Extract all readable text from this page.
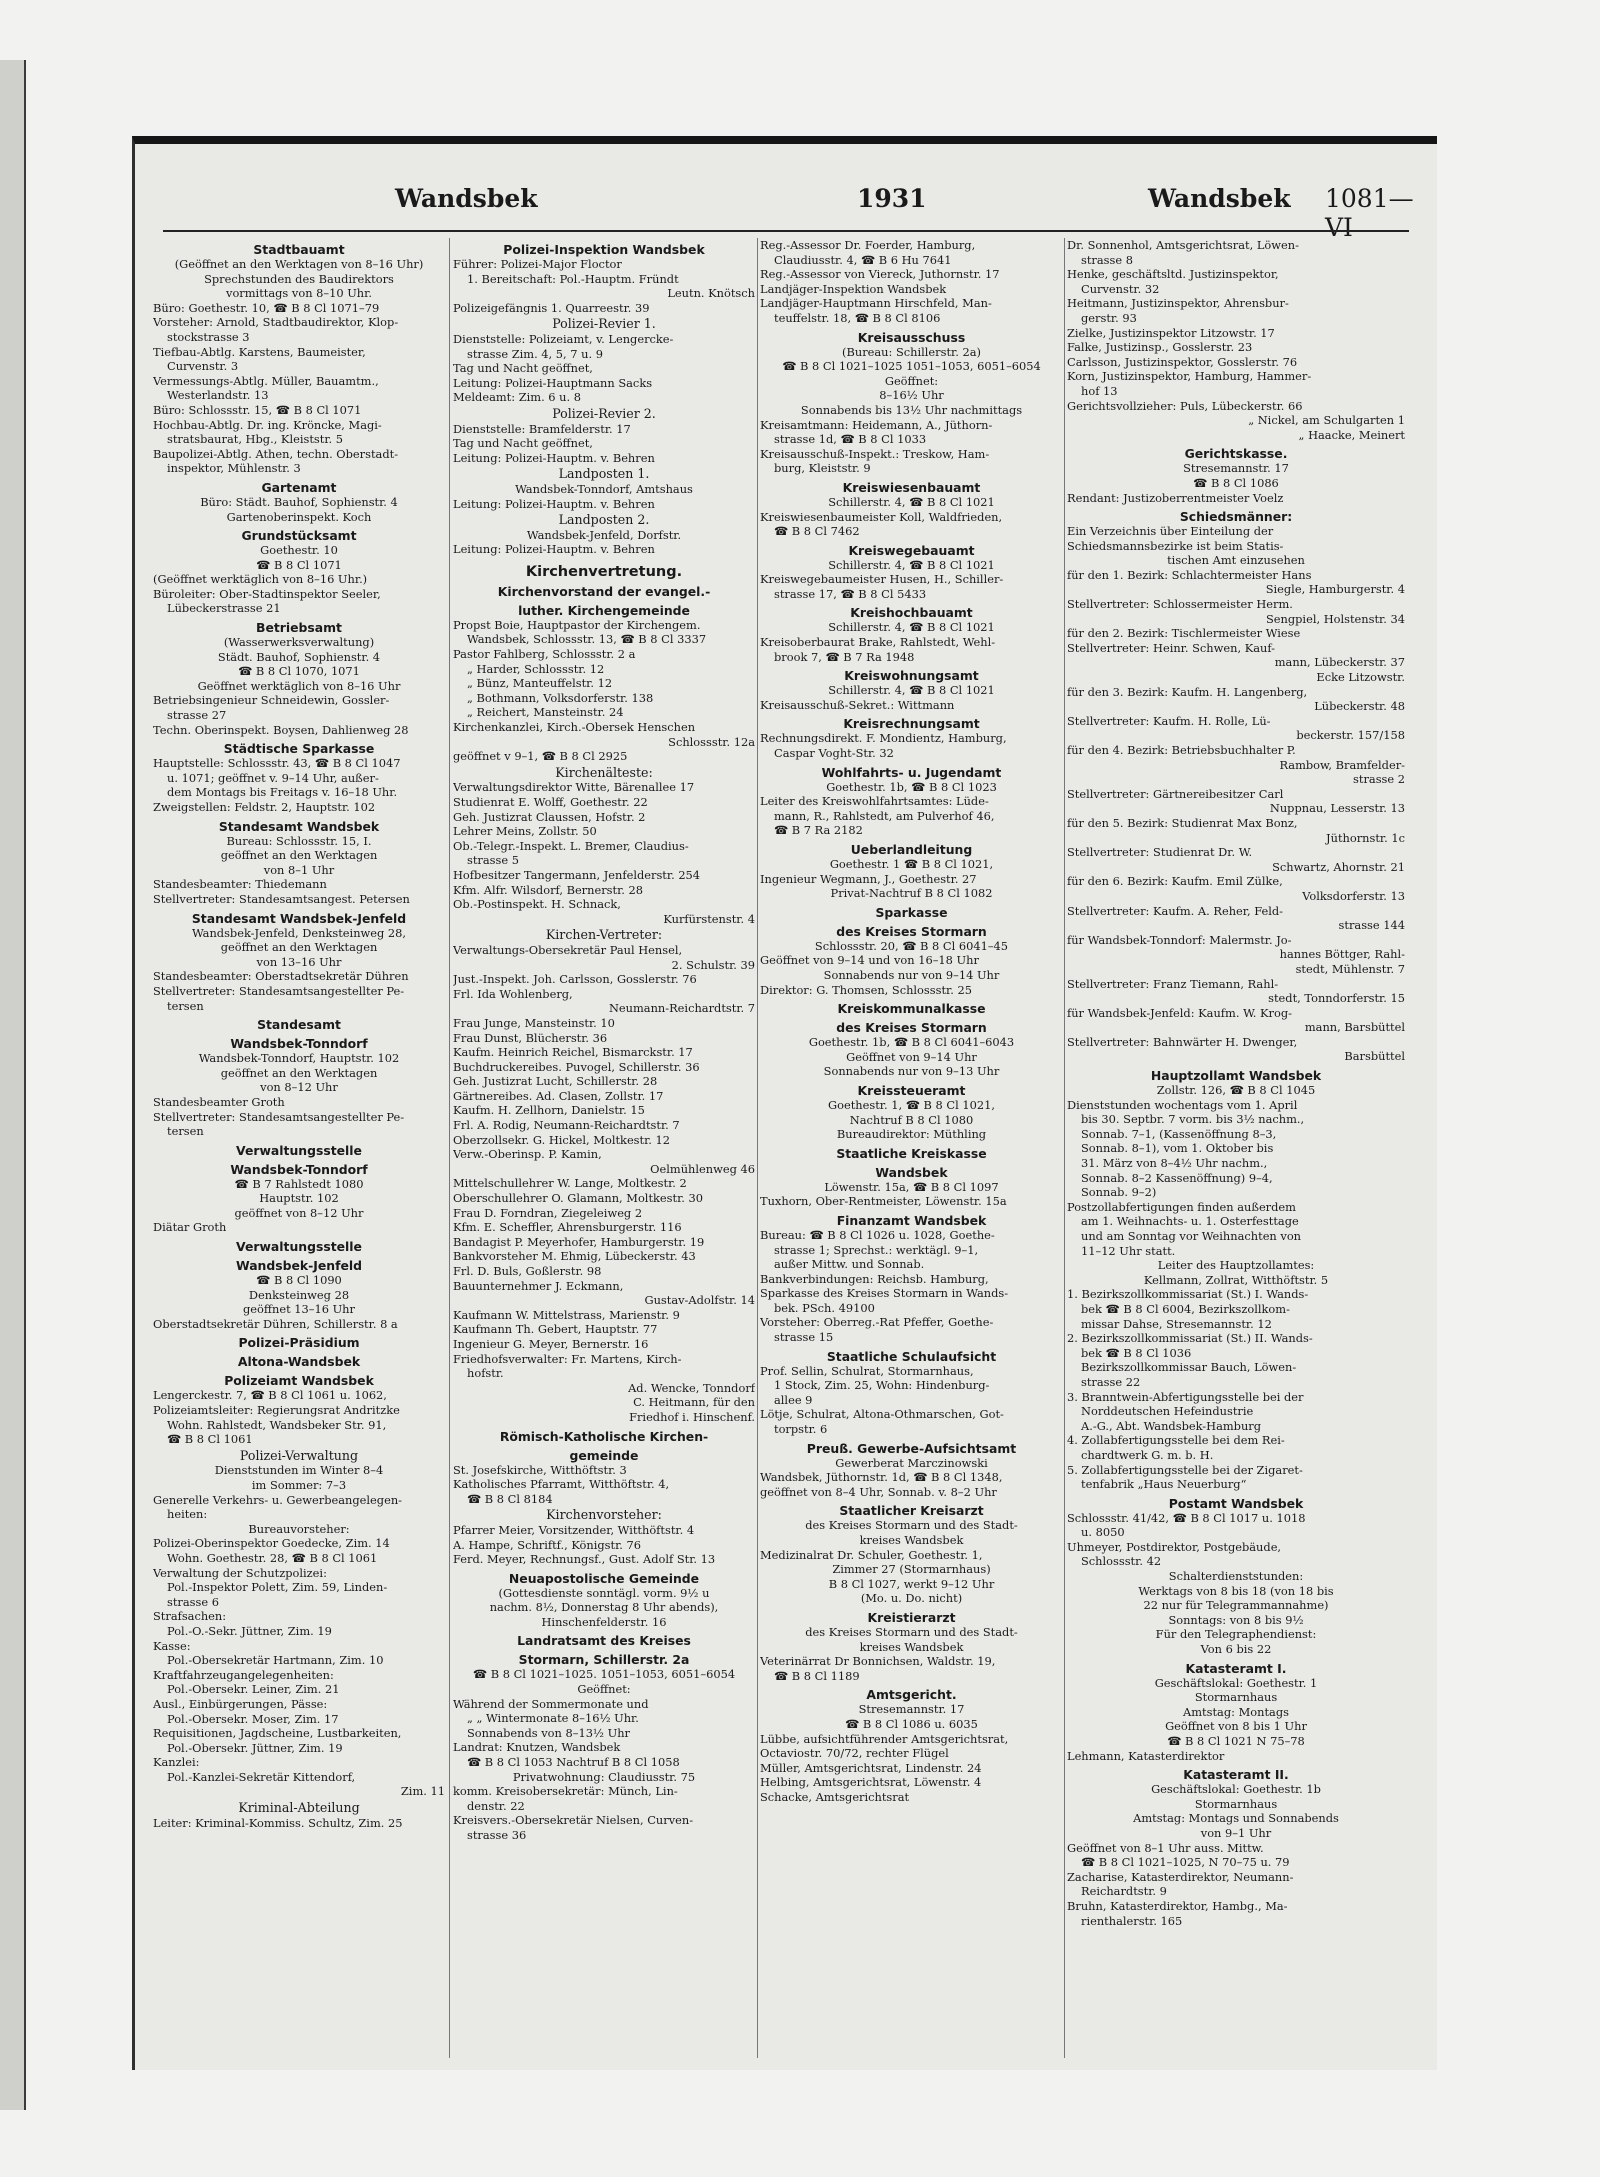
Wandsbek	1931	Wandsbek 1081—VI
Stadtbauamt
(Geöffnet an den Werktagen von 8–16 Uhr)
Sprechstunden des Baudirektors
vormittags von 8–10 Uhr.
Büro: Goethestr. 10, ☎ B 8 Cl 1071–79
Vorsteher: Arnold, Stadtbaudirektor, Klop-
stockstrasse 3
Tiefbau-Abtlg. Karstens, Baumeister,
Curvenstr. 3
Vermessungs-Abtlg. Müller, Bauamtm.,
Westerlandstr. 13
Büro: Schlossstr. 15, ☎ B 8 Cl 1071
Hochbau-Abtlg. Dr. ing. Kröncke, Magi-
stratsbaurat, Hbg., Kleiststr. 5
Baupolizei-Abtlg. Athen, techn. Oberstadt-
inspektor, Mühlenstr. 3
Gartenamt
Büro: Städt. Bauhof, Sophienstr. 4
Gartenoberinspekt. Koch
Grundstücksamt
Goethestr. 10
☎ B 8 Cl 1071
(Geöffnet werktäglich von 8–16 Uhr.)
Büroleiter: Ober-Stadtinspektor Seeler,
Lübeckerstrasse 21
Betriebsamt
(Wasserwerksverwaltung)
Städt. Bauhof, Sophienstr. 4
☎ B 8 Cl 1070, 1071
Geöffnet werktäglich von 8–16 Uhr
Betriebsingenieur Schneidewin, Gossler-
strasse 27
Techn. Oberinspekt. Boysen, Dahlienweg 28
Städtische Sparkasse
Hauptstelle: Schlossstr. 43, ☎ B 8 Cl 1047
u. 1071; geöffnet v. 9–14 Uhr, außer-
dem Montags bis Freitags v. 16–18 Uhr.
Zweigstellen: Feldstr. 2, Hauptstr. 102
Standesamt Wandsbek
Bureau: Schlossstr. 15, I.
geöffnet an den Werktagen
von 8–1 Uhr
Standesbeamter: Thiedemann
Stellvertreter: Standesamtsangest. Petersen
Standesamt Wandsbek-Jenfeld
Wandsbek-Jenfeld, Denksteinweg 28,
geöffnet an den Werktagen
von 13–16 Uhr
Standesbeamter: Oberstadtsekretär Dühren
Stellvertreter: Standesamtsangestellter Pe-
tersen
Standesamt
Wandsbek-Tonndorf
Wandsbek-Tonndorf, Hauptstr. 102
geöffnet an den Werktagen
von 8–12 Uhr
Standesbeamter Groth
Stellvertreter: Standesamtsangestellter Pe-
tersen
Verwaltungsstelle
Wandsbek-Tonndorf
☎ B 7 Rahlstedt 1080
Hauptstr. 102
geöffnet von 8–12 Uhr
Diätar Groth
Verwaltungsstelle
Wandsbek-Jenfeld
☎ B 8 Cl 1090
Denksteinweg 28
geöffnet 13–16 Uhr
Oberstadtsekretär Dühren, Schillerstr. 8 a
Polizei-Präsidium
Altona-Wandsbek
Polizeiamt Wandsbek
Lengerckestr. 7, ☎ B 8 Cl 1061 u. 1062,
Polizeiamtsleiter: Regierungsrat Andritzke
Wohn. Rahlstedt, Wandsbeker Str. 91,
☎ B 8 Cl 1061
Polizei-Verwaltung
Dienststunden im Winter 8–4
im Sommer: 7–3
Generelle Verkehrs- u. Gewerbeangelegen-
heiten:
Bureauvorsteher:
Polizei-Oberinspektor Goedecke, Zim. 14
Wohn. Goethestr. 28, ☎ B 8 Cl 1061
Verwaltung der Schutzpolizei:
Pol.-Inspektor Polett, Zim. 59, Linden-
strasse 6
Strafsachen:
Pol.-O.-Sekr. Jüttner, Zim. 19
Kasse:
Pol.-Obersekretär Hartmann, Zim. 10
Kraftfahrzeugangelegenheiten:
Pol.-Obersekr. Leiner, Zim. 21
Ausl., Einbürgerungen, Pässe:
Pol.-Obersekr. Moser, Zim. 17
Requisitionen, Jagdscheine, Lustbarkeiten,
Pol.-Obersekr. Jüttner, Zim. 19
Kanzlei:
Pol.-Kanzlei-Sekretär Kittendorf,
Zim. 11
Kriminal-Abteilung
Leiter: Kriminal-Kommiss. Schultz, Zim. 25
Polizei-Inspektion Wandsbek
Führer: Polizei-Major Floctor
1. Bereitschaft: Pol.-Hauptm. Fründt
Leutn. Knötsch
Polizeigefängnis 1. Quarreestr. 39
Polizei-Revier 1.
Dienststelle: Polizeiamt, v. Lengercke-
strasse Zim. 4, 5, 7 u. 9
Tag und Nacht geöffnet,
Leitung: Polizei-Hauptmann Sacks
Meldeamt: Zim. 6 u. 8
Polizei-Revier 2.
Dienststelle: Bramfelderstr. 17
Tag und Nacht geöffnet,
Leitung: Polizei-Hauptm. v. Behren
Landposten 1.
Wandsbek-Tonndorf, Amtshaus
Leitung: Polizei-Hauptm. v. Behren
Landposten 2.
Wandsbek-Jenfeld, Dorfstr.
Leitung: Polizei-Hauptm. v. Behren
Kirchenvertretung.
Kirchenvorstand der evangel.-
luther. Kirchengemeinde
Propst Boie, Hauptpastor der Kirchengem.
Wandsbek, Schlossstr. 13, ☎ B 8 Cl 3337
Pastor Fahlberg, Schlossstr. 2 a
„ Harder, Schlossstr. 12
„ Bünz, Manteuffelstr. 12
„ Bothmann, Volksdorferstr. 138
„ Reichert, Mansteinstr. 24
Kirchenkanzlei, Kirch.-Obersek Henschen
Schlossstr. 12a
geöffnet v 9–1, ☎ B 8 Cl 2925
Kirchenälteste:
Verwaltungsdirektor Witte, Bärenallee 17
Studienrat E. Wolff, Goethestr. 22
Geh. Justizrat Claussen, Hofstr. 2
Lehrer Meins, Zollstr. 50
Ob.-Telegr.-Inspekt. L. Bremer, Claudius-
strasse 5
Hofbesitzer Tangermann, Jenfelderstr. 254
Kfm. Alfr. Wilsdorf, Bernerstr. 28
Ob.-Postinspekt. H. Schnack,
Kurfürstenstr. 4
Kirchen-Vertreter:
Verwaltungs-Obersekretär Paul Hensel,
2. Schulstr. 39
Just.-Inspekt. Joh. Carlsson, Gosslerstr. 76
Frl. Ida Wohlenberg,
Neumann-Reichardtstr. 7
Frau Junge, Mansteinstr. 10
Frau Dunst, Blücherstr. 36
Kaufm. Heinrich Reichel, Bismarckstr. 17
Buchdruckereibes. Puvogel, Schillerstr. 36
Geh. Justizrat Lucht, Schillerstr. 28
Gärtnereibes. Ad. Clasen, Zollstr. 17
Kaufm. H. Zellhorn, Danielstr. 15
Frl. A. Rodig, Neumann-Reichardtstr. 7
Oberzollsekr. G. Hickel, Moltkestr. 12
Verw.-Oberinsp. P. Kamin,
Oelmühlenweg 46
Mittelschullehrer W. Lange, Moltkestr. 2
Oberschullehrer O. Glamann, Moltkestr. 30
Frau D. Forndran, Ziegeleiweg 2
Kfm. E. Scheffler, Ahrensburgerstr. 116
Bandagist P. Meyerhofer, Hamburgerstr. 19
Bankvorsteher M. Ehmig, Lübeckerstr. 43
Frl. D. Buls, Goßlerstr. 98
Bauunternehmer J. Eckmann,
Gustav-Adolfstr. 14
Kaufmann W. Mittelstrass, Marienstr. 9
Kaufmann Th. Gebert, Hauptstr. 77
Ingenieur G. Meyer, Bernerstr. 16
Friedhofsverwalter: Fr. Martens, Kirch-
hofstr.
Ad. Wencke, Tonndorf
C. Heitmann, für den
Friedhof i. Hinschenf.
Römisch-Katholische Kirchen-
gemeinde
St. Josefskirche, Witthöftstr. 3
Katholisches Pfarramt, Witthöftstr. 4,
☎ B 8 Cl 8184
Kirchenvorsteher:
Pfarrer Meier, Vorsitzender, Witthöftstr. 4
A. Hampe, Schriftf., Königstr. 76
Ferd. Meyer, Rechnungsf., Gust. Adolf Str. 13
Neuapostolische Gemeinde
(Gottesdienste sonntägl. vorm. 9½ u
nachm. 8½, Donnerstag 8 Uhr abends),
Hinschenfelderstr. 16
Landratsamt des Kreises
Stormarn, Schillerstr. 2a
☎ B 8 Cl 1021–1025. 1051–1053, 6051–6054
Geöffnet:
Während der Sommermonate und
„ „ Wintermonate 8–16½ Uhr.
Sonnabends von 8–13½ Uhr
Landrat: Knutzen, Wandsbek
☎ B 8 Cl 1053 Nachtruf B 8 Cl 1058
Privatwohnung: Claudiusstr. 75
komm. Kreisobersekretär: Münch, Lin-
denstr. 22
Kreisvers.-Obersekretär Nielsen, Curven-
strasse 36
Reg.-Assessor Dr. Foerder, Hamburg,
Claudiusstr. 4, ☎ B 6 Hu 7641
Reg.-Assessor von Viereck, Juthornstr. 17
Landjäger-Inspektion Wandsbek
Landjäger-Hauptmann Hirschfeld, Man-
teuffelstr. 18, ☎ B 8 Cl 8106
Kreisausschuss
(Bureau: Schillerstr. 2a)
☎ B 8 Cl 1021–1025 1051–1053, 6051–6054
Geöffnet:
8–16½ Uhr
Sonnabends bis 13½ Uhr nachmittags
Kreisamtmann: Heidemann, A., Jüthorn-
strasse 1d, ☎ B 8 Cl 1033
Kreisausschuß-Inspekt.: Treskow, Ham-
burg, Kleiststr. 9
Kreiswiesenbauamt
Schillerstr. 4, ☎ B 8 Cl 1021
Kreiswiesenbaumeister Koll, Waldfrieden,
☎ B 8 Cl 7462
Kreiswegebauamt
Schillerstr. 4, ☎ B 8 Cl 1021
Kreiswegebaumeister Husen, H., Schiller-
strasse 17, ☎ B 8 Cl 5433
Kreishochbauamt
Schillerstr. 4, ☎ B 8 Cl 1021
Kreisoberbaurat Brake, Rahlstedt, Wehl-
brook 7, ☎ B 7 Ra 1948
Kreiswohnungsamt
Schillerstr. 4, ☎ B 8 Cl 1021
Kreisausschuß-Sekret.: Wittmann
Kreisrechnungsamt
Rechnungsdirekt. F. Mondientz, Hamburg,
Caspar Voght-Str. 32
Wohlfahrts- u. Jugendamt
Goethestr. 1b, ☎ B 8 Cl 1023
Leiter des Kreiswohlfahrtsamtes: Lüde-
mann, R., Rahlstedt, am Pulverhof 46,
☎ B 7 Ra 2182
Ueberlandleitung
Goethestr. 1 ☎ B 8 Cl 1021,
Ingenieur Wegmann, J., Goethestr. 27
Privat-Nachtruf B 8 Cl 1082
Sparkasse
des Kreises Stormarn
Schlossstr. 20, ☎ B 8 Cl 6041–45
Geöffnet von 9–14 und von 16–18 Uhr
Sonnabends nur von 9–14 Uhr
Direktor: G. Thomsen, Schlossstr. 25
Kreiskommunalkasse
des Kreises Stormarn
Goethestr. 1b, ☎ B 8 Cl 6041–6043
Geöffnet von 9–14 Uhr
Sonnabends nur von 9–13 Uhr
Kreissteueramt
Goethestr. 1, ☎ B 8 Cl 1021,
Nachtruf B 8 Cl 1080
Bureaudirektor: Müthling
Staatliche Kreiskasse
Wandsbek
Löwenstr. 15a, ☎ B 8 Cl 1097
Tuxhorn, Ober-Rentmeister, Löwenstr. 15a
Finanzamt Wandsbek
Bureau: ☎ B 8 Cl 1026 u. 1028, Goethe-
strasse 1; Sprechst.: werktägl. 9–1,
außer Mittw. und Sonnab.
Bankverbindungen: Reichsb. Hamburg,
Sparkasse des Kreises Stormarn in Wands-
bek. PSch. 49100
Vorsteher: Oberreg.-Rat Pfeffer, Goethe-
strasse 15
Staatliche Schulaufsicht
Prof. Sellin, Schulrat, Stormarnhaus,
1 Stock, Zim. 25, Wohn: Hindenburg-
allee 9
Lötje, Schulrat, Altona-Othmarschen, Got-
torpstr. 6
Preuß. Gewerbe-Aufsichtsamt
Gewerberat Marczinowski
Wandsbek, Jüthornstr. 1d, ☎ B 8 Cl 1348,
geöffnet von 8–4 Uhr, Sonnab. v. 8–2 Uhr
Staatlicher Kreisarzt
des Kreises Stormarn und des Stadt-
kreises Wandsbek
Medizinalrat Dr. Schuler, Goethestr. 1,
Zimmer 27 (Stormarnhaus)
B 8 Cl 1027, werkt 9–12 Uhr
(Mo. u. Do. nicht)
Kreistierarzt
des Kreises Stormarn und des Stadt-
kreises Wandsbek
Veterinärrat Dr Bonnichsen, Waldstr. 19,
☎ B 8 Cl 1189
Amtsgericht.
Stresemannstr. 17
☎ B 8 Cl 1086 u. 6035
Lübbe, aufsichtführender Amtsgerichtsrat,
Octaviostr. 70/72, rechter Flügel
Müller, Amtsgerichtsrat, Lindenstr. 24
Helbing, Amtsgerichtsrat, Löwenstr. 4
Schacke, Amtsgerichtsrat
Dr. Sonnenhol, Amtsgerichtsrat, Löwen-
strasse 8
Henke, geschäftsltd. Justizinspektor,
Curvenstr. 32
Heitmann, Justizinspektor, Ahrensbur-
gerstr. 93
Zielke, Justizinspektor Litzowstr. 17
Falke, Justizinsp., Gosslerstr. 23
Carlsson, Justizinspektor, Gosslerstr. 76
Korn, Justizinspektor, Hamburg, Hammer-
hof 13
Gerichtsvollzieher: Puls, Lübeckerstr. 66
„ Nickel, am Schulgarten 1
„ Haacke, Meinert
Gerichtskasse.
Stresemannstr. 17
☎ B 8 Cl 1086
Rendant: Justizoberrentmeister Voelz
Schiedsmänner:
Ein Verzeichnis über Einteilung der
Schiedsmannsbezirke ist beim Statis-
tischen Amt einzusehen
für den 1. Bezirk: Schlachtermeister Hans
Siegle, Hamburgerstr. 4
Stellvertreter: Schlossermeister Herm.
Sengpiel, Holstenstr. 34
für den 2. Bezirk: Tischlermeister Wiese
Stellvertreter: Heinr. Schwen, Kauf-
mann, Lübeckerstr. 37
Ecke Litzowstr.
für den 3. Bezirk: Kaufm. H. Langenberg,
Lübeckerstr. 48
Stellvertreter: Kaufm. H. Rolle, Lü-
beckerstr. 157/158
für den 4. Bezirk: Betriebsbuchhalter P.
Rambow, Bramfelder-
strasse 2
Stellvertreter: Gärtnereibesitzer Carl
Nuppnau, Lesserstr. 13
für den 5. Bezirk: Studienrat Max Bonz,
Jüthornstr. 1c
Stellvertreter: Studienrat Dr. W.
Schwartz, Ahornstr. 21
für den 6. Bezirk: Kaufm. Emil Zülke,
Volksdorferstr. 13
Stellvertreter: Kaufm. A. Reher, Feld-
strasse 144
für Wandsbek-Tonndorf: Malermstr. Jo-
hannes Böttger, Rahl-
stedt, Mühlenstr. 7
Stellvertreter: Franz Tiemann, Rahl-
stedt, Tonndorferstr. 15
für Wandsbek-Jenfeld: Kaufm. W. Krog-
mann, Barsbüttel
Stellvertreter: Bahnwärter H. Dwenger,
Barsbüttel
Hauptzollamt Wandsbek
Zollstr. 126, ☎ B 8 Cl 1045
Dienststunden wochentags vom 1. April
bis 30. Septbr. 7 vorm. bis 3½ nachm.,
Sonnab. 7–1, (Kassenöffnung 8–3,
Sonnab. 8–1), vom 1. Oktober bis
31. März von 8–4½ Uhr nachm.,
Sonnab. 8–2 Kassenöffnung) 9–4,
Sonnab. 9–2)
Postzollabfertigungen finden außerdem
am 1. Weihnachts- u. 1. Osterfesttage
und am Sonntag vor Weihnachten von
11–12 Uhr statt.
Leiter des Hauptzollamtes:
Kellmann, Zollrat, Witthöftstr. 5
1. Bezirkszollkommissariat (St.) I. Wands-
bek ☎ B 8 Cl 6004, Bezirkszollkom-
missar Dahse, Stresemannstr. 12
2. Bezirkszollkommissariat (St.) II. Wands-
bek ☎ B 8 Cl 1036
Bezirkszollkommissar Bauch, Löwen-
strasse 22
3. Branntwein-Abfertigungsstelle bei der
Norddeutschen Hefeindustrie
A.-G., Abt. Wandsbek-Hamburg
4. Zollabfertigungsstelle bei dem Rei-
chardtwerk G. m. b. H.
5. Zollabfertigungsstelle bei der Zigaret-
tenfabrik „Haus Neuerburg“
Postamt Wandsbek
Schlossstr. 41/42, ☎ B 8 Cl 1017 u. 1018
u. 8050
Uhmeyer, Postdirektor, Postgebäude,
Schlossstr. 42
Schalterdienststunden:
Werktags von 8 bis 18 (von 18 bis
22 nur für Telegrammannahme)
Sonntags: von 8 bis 9½
Für den Telegraphendienst:
Von 6 bis 22
Katasteramt I.
Geschäftslokal: Goethestr. 1
Stormarnhaus
Amtstag: Montags
Geöffnet von 8 bis 1 Uhr
☎ B 8 Cl 1021 N 75–78
Lehmann, Katasterdirektor
Katasteramt II.
Geschäftslokal: Goethestr. 1b
Stormarnhaus
Amtstag: Montags und Sonnabends
von 9–1 Uhr
Geöffnet von 8–1 Uhr auss. Mittw.
☎ B 8 Cl 1021–1025, N 70–75 u. 79
Zacharise, Katasterdirektor, Neumann-
Reichardtstr. 9
Bruhn, Katasterdirektor, Hambg., Ma-
rienthalerstr. 165
